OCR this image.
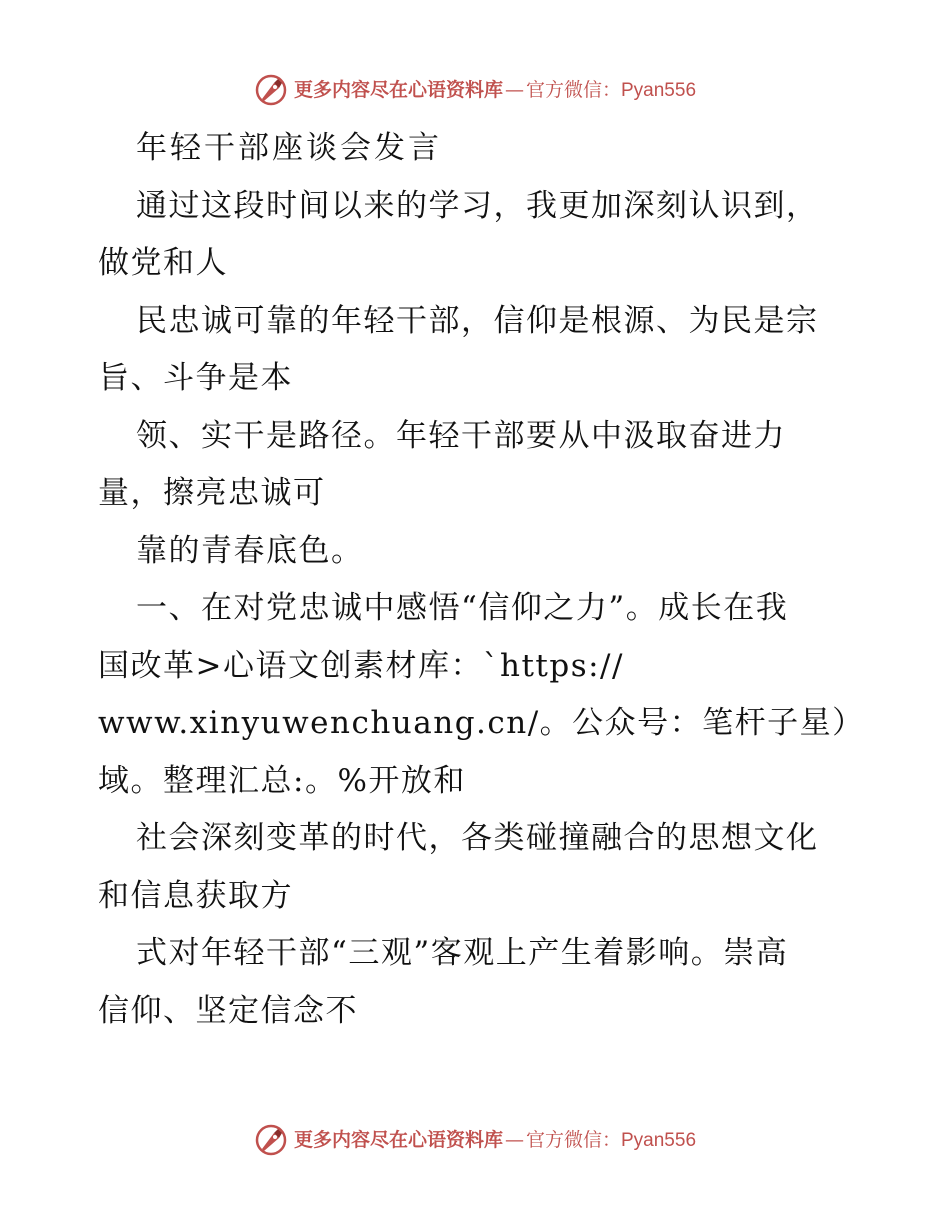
更多内容尽在心语资料库 — 官方微信： Pyan556
年轻干部座谈会发言
通过这段时间以来的学习，我更加深刻认识到，
做党和人
民忠诚可靠的年轻干部，信仰是根源、为民是宗
旨、斗争是本
领、实干是路径。年轻干部要从中汲取奋进力
量，擦亮忠诚可
靠的青春底色。
一、在对党忠诚中感悟“信仰之力”。成长在我
国改革>心语文创素材库：`https://
www.xinyuwenchuang.cn/。公众号：笔杆子星）
域。整理汇总:。%开放和
社会深刻变革的时代，各类碰撞融合的思想文化
和信息获取方
式对年轻干部“三观”客观上产生着影响。崇高
信仰、坚定信念不
更多内容尽在心语资料库 — 官方微信： Pyan556
